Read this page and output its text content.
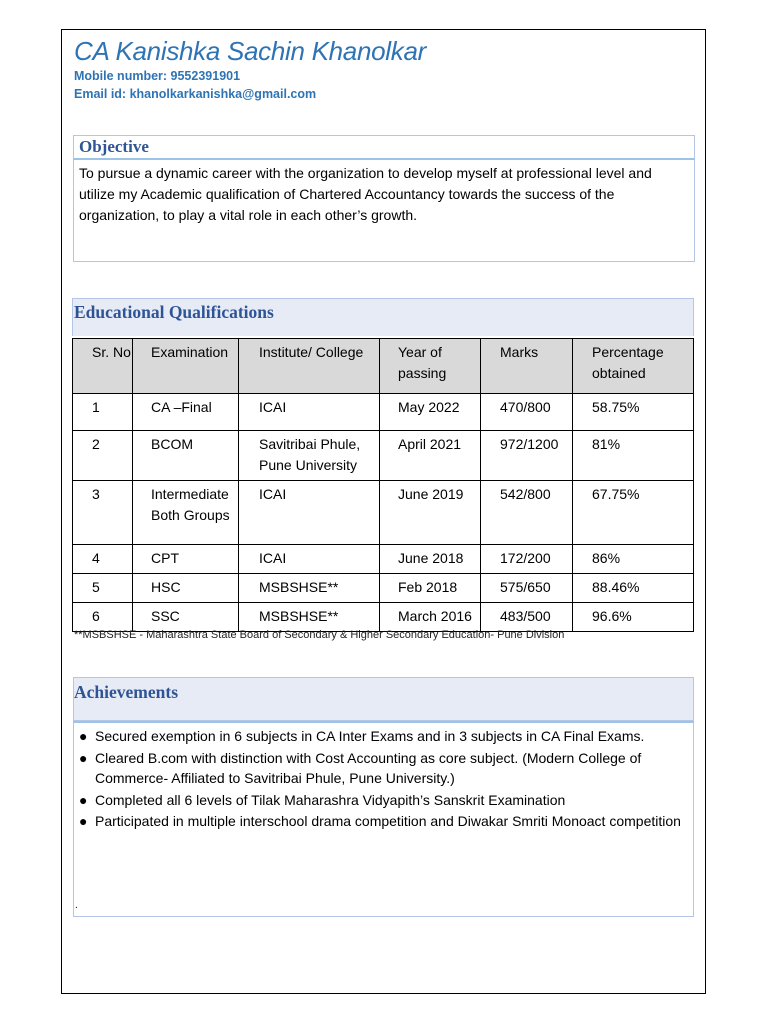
CA Kanishka Sachin Khanolkar
Mobile number: 9552391901
Email id: khanolkarkanishka@gmail.com
Objective
To pursue a dynamic career with the organization to develop myself at professional level and utilize my Academic qualification of Chartered Accountancy towards the success of the organization, to play a vital role in each other’s growth.
Educational Qualifications
Sr. No	Examination	Institute/ College	Year of passing	Marks	Percentage obtained
1	CA –Final	ICAI	May 2022	470/800	58.75%
2	BCOM	Savitribai Phule, Pune University	April 2021	972/1200	81%
3	Intermediate Both Groups	ICAI	June 2019	542/800	67.75%
4	CPT	ICAI	June 2018	172/200	86%
5	HSC	MSBSHSE**	Feb 2018	575/650	88.46%
6	SSC	MSBSHSE**	March 2016	483/500	96.6%
**MSBSHSE - Maharashtra State Board of Secondary & Higher Secondary Education- Pune Division
Achievements
● Secured exemption in 6 subjects in CA Inter Exams and in 3 subjects in CA Final Exams.
● Cleared B.com with distinction with Cost Accounting as core subject. (Modern College of Commerce- Affiliated to Savitribai Phule, Pune University.)
● Completed all 6 levels of Tilak Maharashra Vidyapith’s Sanskrit Examination
● Participated in multiple interschool drama competition and Diwakar Smriti Monoact competition
.
